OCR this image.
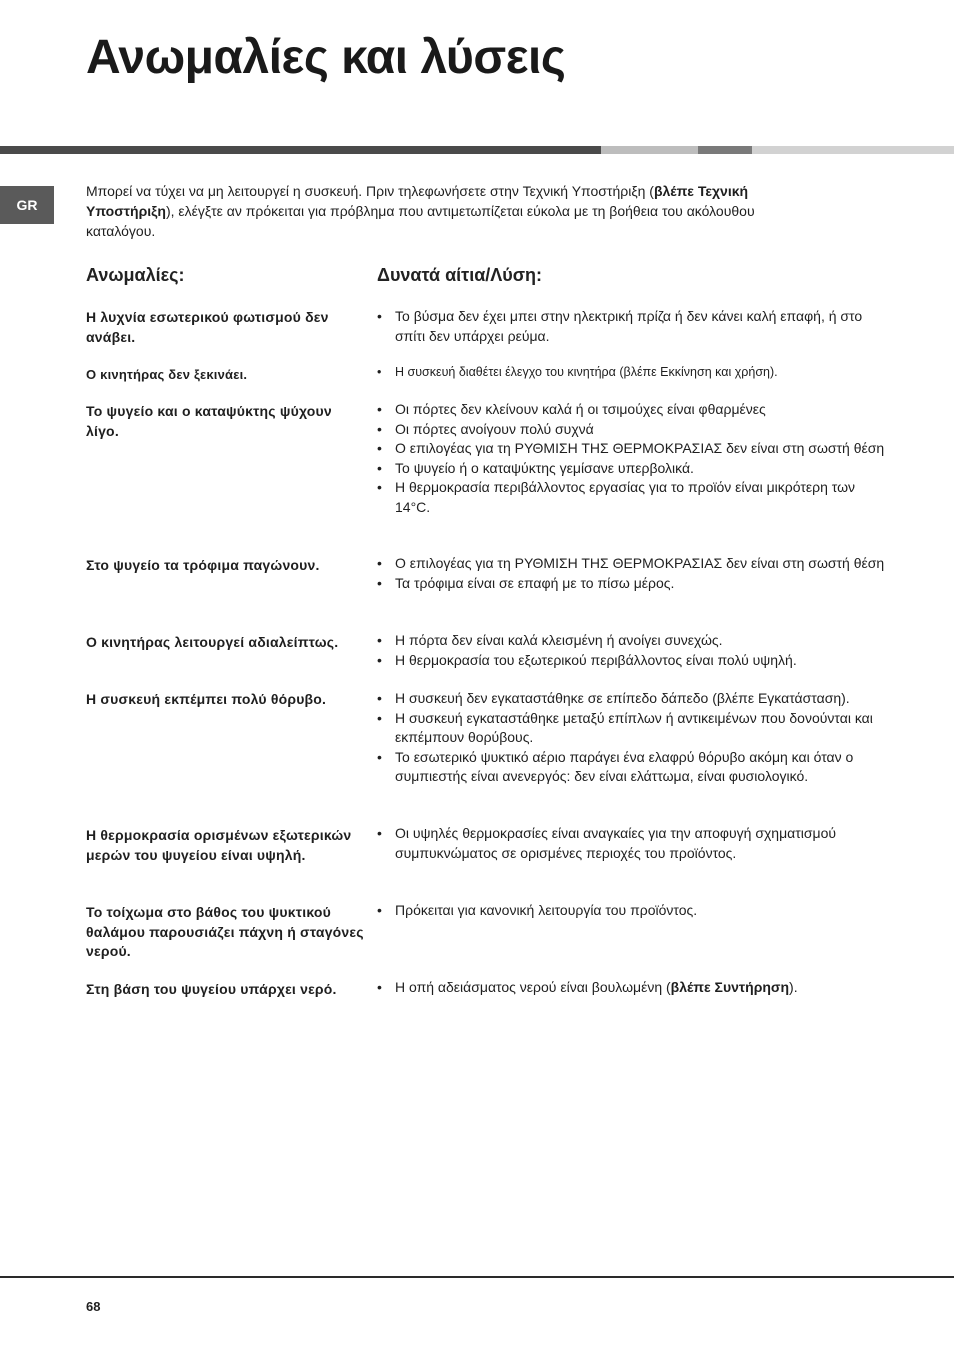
Ανωμαλίες και λύσεις
GR

Μπορεί να τύχει να μη λειτουργεί η συσκευή. Πριν τηλεφωνήσετε στην Τεχνική Υποστήριξη (βλέπε Τεχνική Υποστήριξη), ελέγξτε αν πρόκειται για πρόβλημα που αντιμετωπίζεται εύκολα με τη βοήθεια του ακόλουθου καταλόγου.

Ανωμαλίες:	Δυνατά αίτια/Λύση:
Η λυχνία εσωτερικού φωτισμού δεν ανάβει.
• Το βύσμα δεν έχει μπει στην ηλεκτρική πρίζα ή δεν κάνει καλή επαφή, ή στο σπίτι δεν υπάρχει ρεύμα.
Ο κινητήρας δεν ξεκινάει.	• Η συσκευή διαθέτει έλεγχο του κινητήρα (βλέπε Εκκίνηση και χρήση).
Το ψυγείο και ο καταψύκτης ψύχουν λίγο.
• Οι πόρτες δεν κλείνουν καλά ή οι τσιμούχες είναι φθαρμένες
• Οι πόρτες ανοίγουν πολύ συχνά
• Ο επιλογέας για τη ΡΥΘΜΙΣΗ ΤΗΣ ΘΕΡΜΟΚΡΑΣΙΑΣ δεν είναι στη σωστή θέση
• Το ψυγείο ή ο καταψύκτης γεμίσανε υπερβολικά.
• Η θερμοκρασία περιβάλλοντος εργασίας για το προϊόν είναι μικρότερη των 14°C.
Στο ψυγείο τα τρόφιμα παγώνουν.	• Ο επιλογέας για τη ΡΥΘΜΙΣΗ ΤΗΣ ΘΕΡΜΟΚΡΑΣΙΑΣ δεν είναι στη σωστή θέση
• Τα τρόφιμα είναι σε επαφή με το πίσω μέρος.
Ο κινητήρας λειτουργεί αδιαλείπτως.	• Η πόρτα δεν είναι καλά κλεισμένη ή ανοίγει συνεχώς.
• Η θερμοκρασία του εξωτερικού περιβάλλοντος είναι πολύ υψηλή.
Η συσκευή εκπέμπει πολύ θόρυβο.	• Η συσκευή δεν εγκαταστάθηκε σε επίπεδο δάπεδο (βλέπε Εγκατάσταση).
• Η συσκευή εγκαταστάθηκε μεταξύ επίπλων ή αντικειμένων που δονούνται και εκπέμπουν θορύβους.
• Το εσωτερικό ψυκτικό αέριο παράγει ένα ελαφρύ θόρυβο ακόμη και όταν ο συμπιεστής είναι ανενεργός: δεν είναι ελάττωμα, είναι φυσιολογικό.
Η θερμοκρασία ορισμένων εξωτερικών μερών του ψυγείου είναι υψηλή.
• Οι υψηλές θερμοκρασίες είναι αναγκαίες για την αποφυγή σχηματισμού συμπυκνώματος σε ορισμένες περιοχές του προϊόντος.
Το τοίχωμα στο βάθος του ψυκτικού θαλάμου παρουσιάζει πάχνη ή σταγόνες νερού.
• Πρόκειται για κανονική λειτουργία του προϊόντος.
Στη βάση του ψυγείου υπάρχει νερό.	• Η οπή αδειάσματος νερού είναι βουλωμένη (βλέπε Συντήρηση).
68
